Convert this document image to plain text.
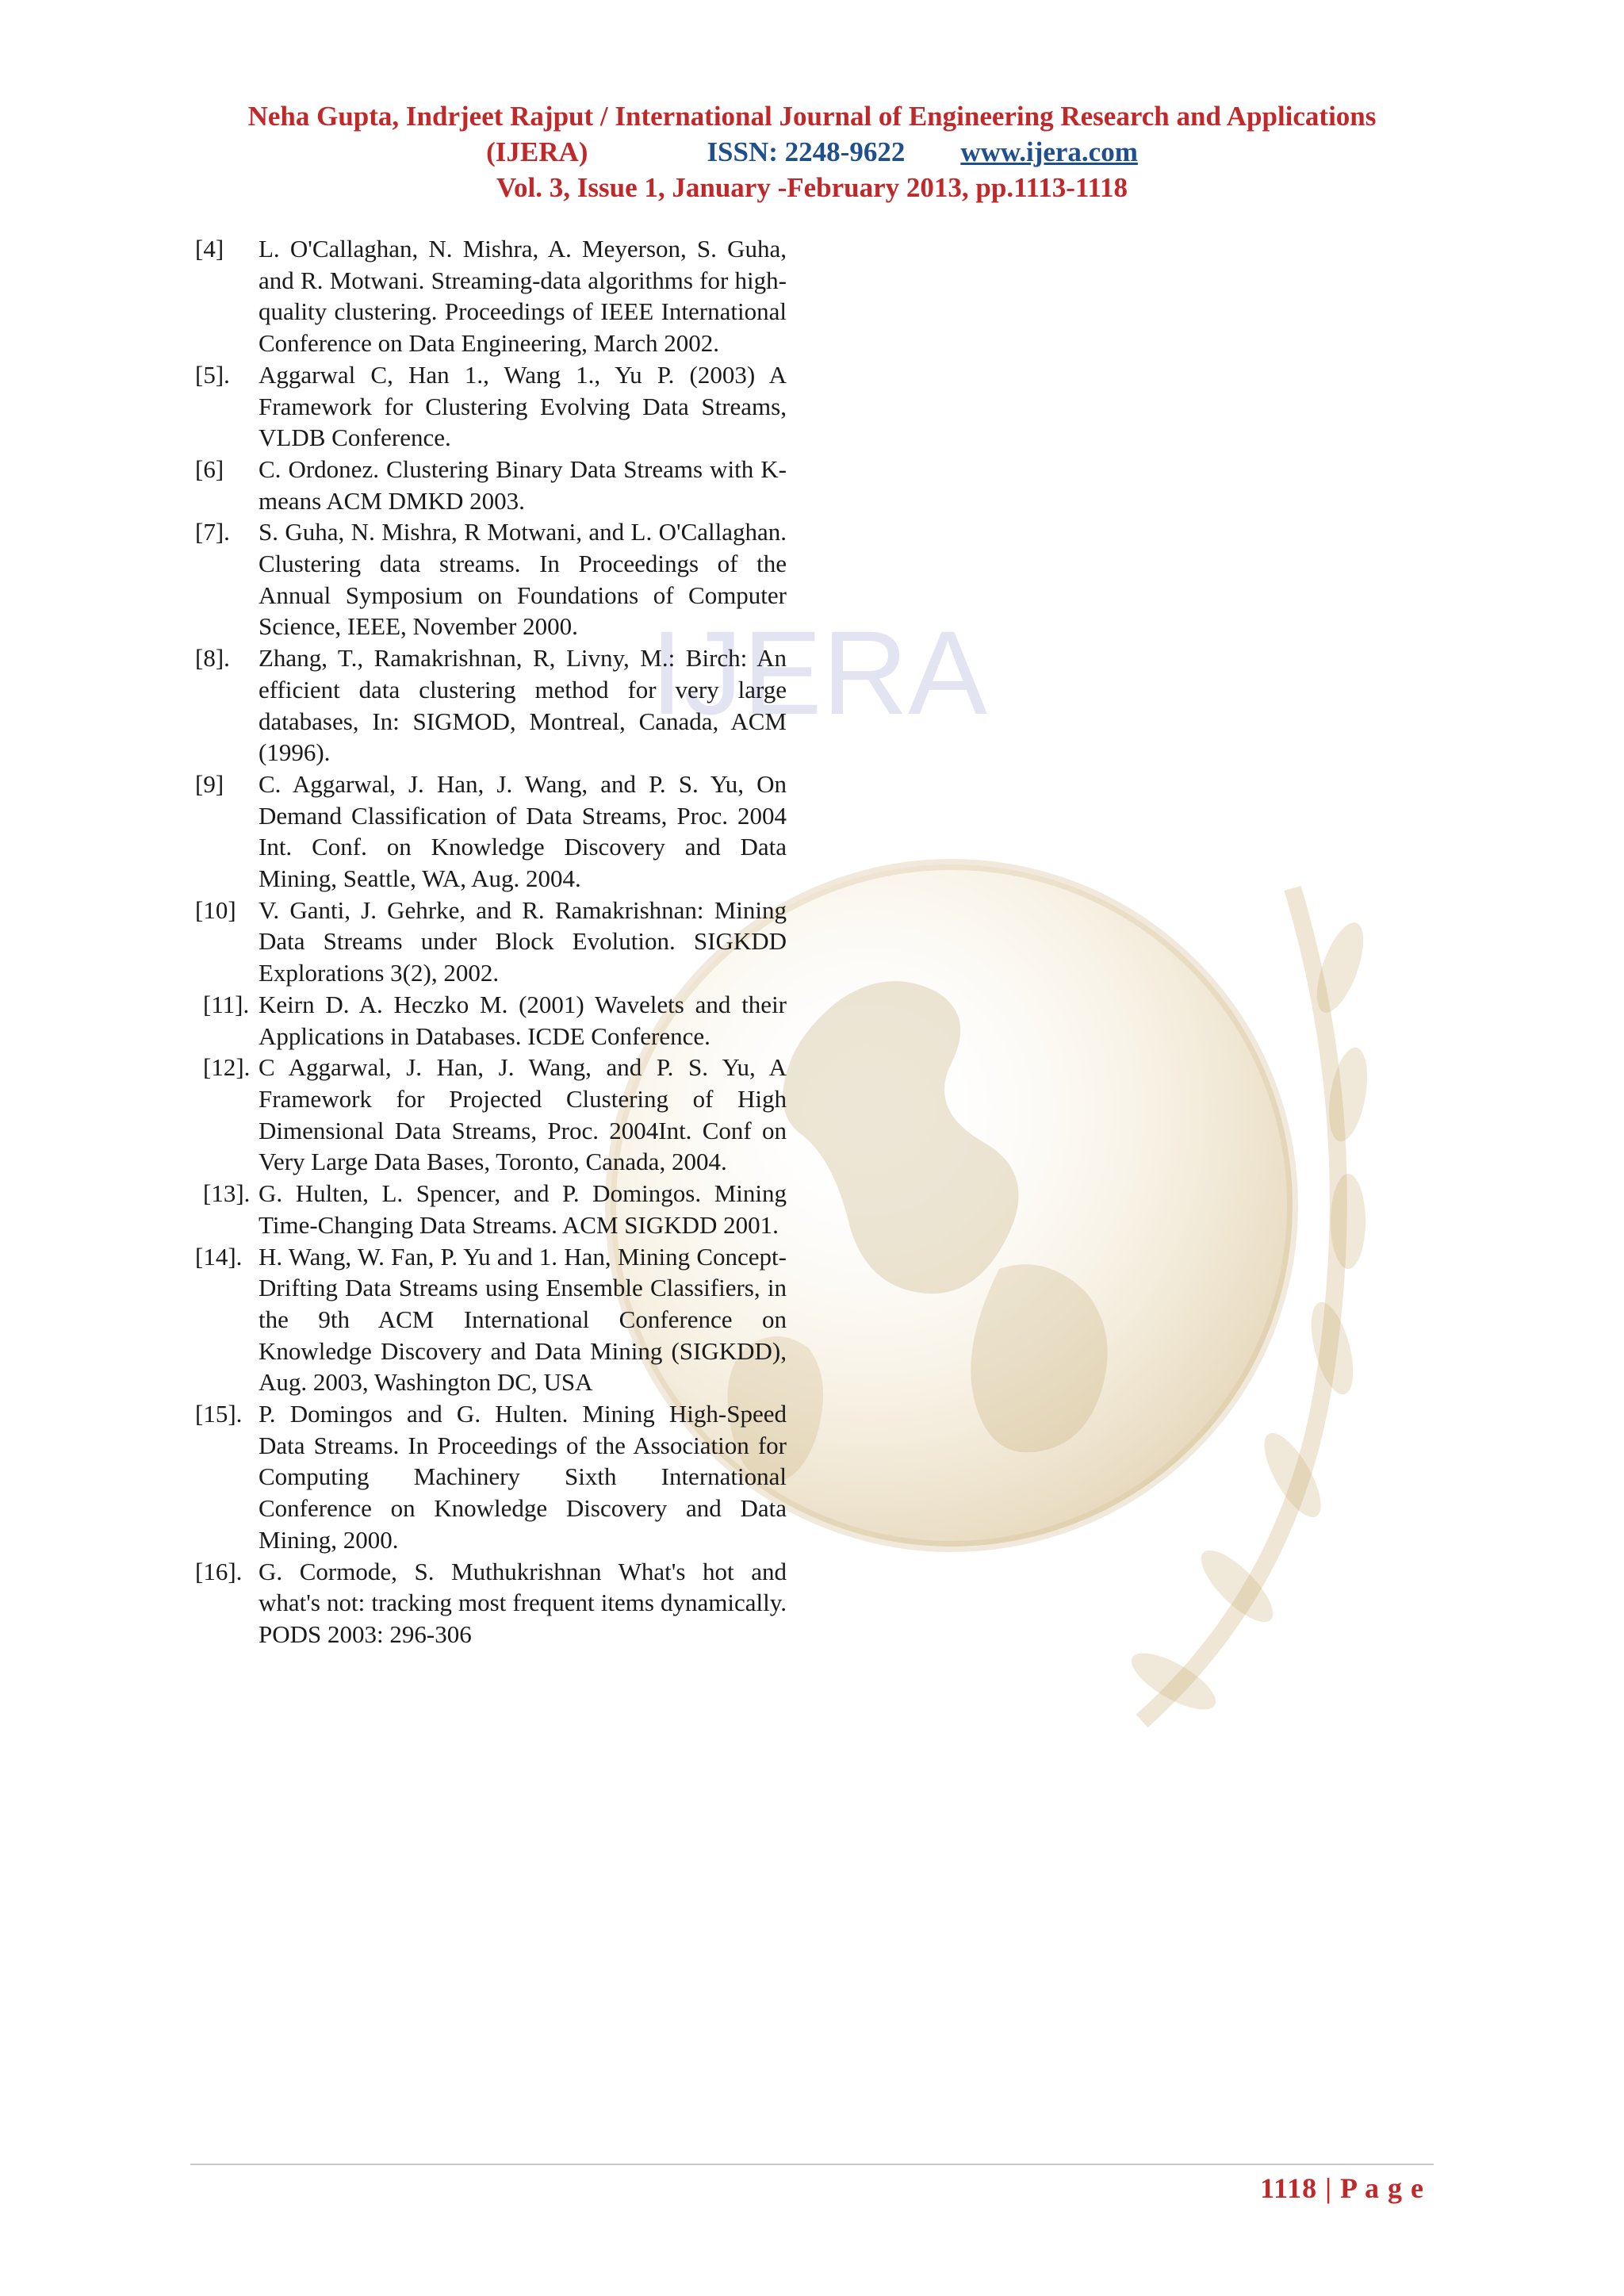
IJERA
Neha Gupta, Indrjeet Rajput / International Journal of Engineering Research and Applications
(IJERA)	ISSN: 2248-9622 www.ijera.com
Vol. 3, Issue 1, January -February 2013, pp.1113-1118
[4] L. O'Callaghan, N. Mishra, A. Meyerson, S. Guha, and R. Motwani. Streaming-data algorithms for high-quality clustering. Proceedings of IEEE International Conference on Data Engineering, March 2002.
[5]. Aggarwal C, Han 1., Wang 1., Yu P. (2003) A Framework for Clustering Evolving Data Streams, VLDB Conference.
[6] C. Ordonez. Clustering Binary Data Streams with K-means ACM DMKD 2003.
[7]. S. Guha, N. Mishra, R Motwani, and L. O'Callaghan. Clustering data streams. In Proceedings of the Annual Symposium on Foundations of Computer Science, IEEE, November 2000.
[8]. Zhang, T., Ramakrishnan, R, Livny, M.: Birch: An efficient data clustering method for very large databases, In: SIGMOD, Montreal, Canada, ACM (1996).
[9] C. Aggarwal, J. Han, J. Wang, and P. S. Yu, On Demand Classification of Data Streams, Proc. 2004 Int. Conf. on Knowledge Discovery and Data Mining, Seattle, WA, Aug. 2004.
[10] V. Ganti, J. Gehrke, and R. Ramakrishnan: Mining Data Streams under Block Evolution. SIGKDD Explorations 3(2), 2002.
[11]. Keirn D. A. Heczko M. (2001) Wavelets and their Applications in Databases. ICDE Conference.
[12]. C Aggarwal, J. Han, J. Wang, and P. S. Yu, A Framework for Projected Clustering of High Dimensional Data Streams, Proc. 2004Int. Conf on Very Large Data Bases, Toronto, Canada, 2004.
[13]. G. Hulten, L. Spencer, and P. Domingos. Mining Time-Changing Data Streams. ACM SIGKDD 2001.
[14]. H. Wang, W. Fan, P. Yu and 1. Han, Mining Concept-Drifting Data Streams using Ensemble Classifiers, in the 9th ACM International Conference on Knowledge Discovery and Data Mining (SIGKDD), Aug. 2003, Washington DC, USA
[15]. P. Domingos and G. Hulten. Mining High-Speed Data Streams. In Proceedings of the Association for Computing Machinery Sixth International Conference on Knowledge Discovery and Data Mining, 2000.
[16]. G. Cormode, S. Muthukrishnan What's hot and what's not: tracking most frequent items dynamically. PODS 2003: 296-306
1118 | P a g e
